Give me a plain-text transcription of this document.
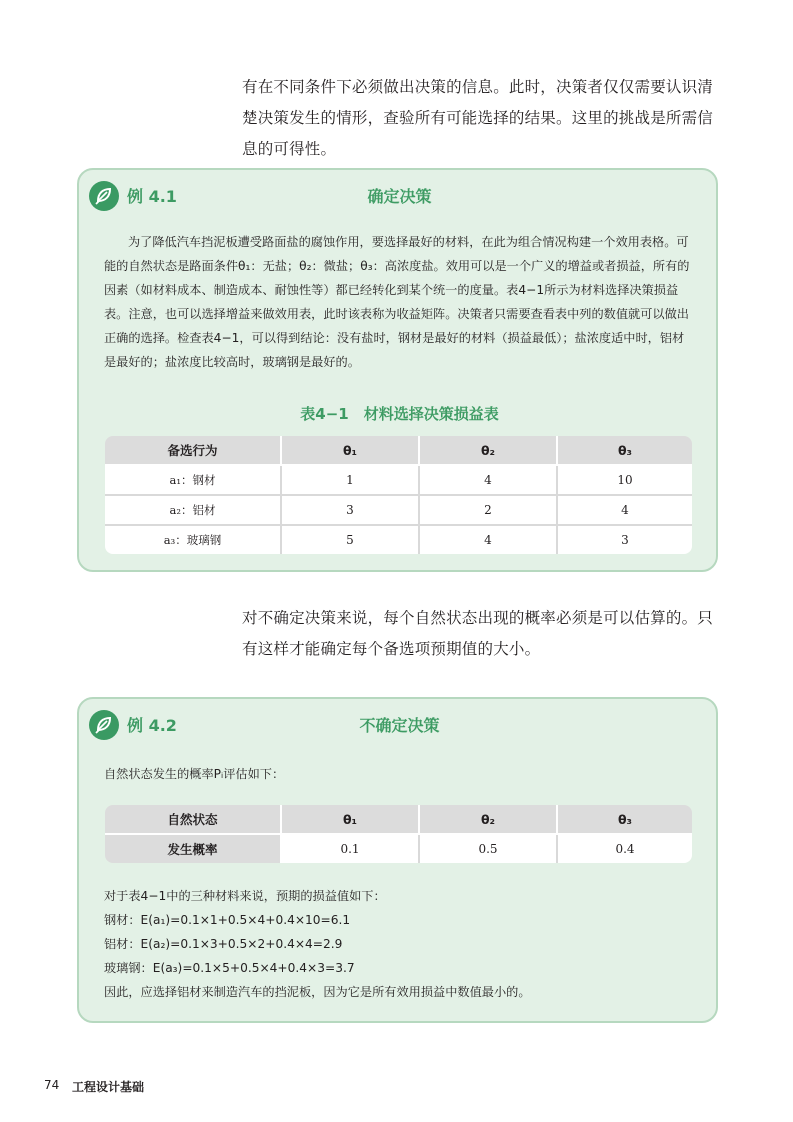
有在不同条件下必须做出决策的信息。此时，决策者仅仅需要认识清楚决策发生的情形，查验所有可能选择的结果。这里的挑战是所需信息的可得性。

例 4.1	确定决策

为了降低汽车挡泥板遭受路面盐的腐蚀作用，要选择最好的材料，在此为组合情况构建一个效用表格。可能的自然状态是路面条件θ₁：无盐；θ₂：微盐；θ₃：高浓度盐。效用可以是一个广义的增益或者损益，所有的因素（如材料成本、制造成本、耐蚀性等）都已经转化到某个统一的度量。表4−1所示为材料选择决策损益表。注意，也可以选择增益来做效用表，此时该表称为收益矩阵。决策者只需要查看表中列的数值就可以做出正确的选择。检查表4−1，可以得到结论：没有盐时，钢材是最好的材料（损益最低）；盐浓度适中时，铝材是最好的；盐浓度比较高时，玻璃钢是最好的。

表4−1　材料选择决策损益表
备选行为	θ₁	θ₂	θ₃
a₁：钢材	1	4	10
a₂：铝材	3	2	4
a₃：玻璃钢	5	4	3

对不确定决策来说，每个自然状态出现的概率必须是可以估算的。只有这样才能确定每个备选项预期值的大小。

例 4.2	不确定决策

自然状态发生的概率Pᵢ评估如下：

自然状态	θ₁	θ₂	θ₃
发生概率	0.1	0.5	0.4
对于表4−1中的三种材料来说，预期的损益值如下：
钢材：E(a₁)=0.1×1+0.5×4+0.4×10=6.1
铝材：E(a₂)=0.1×3+0.5×2+0.4×4=2.9
玻璃钢：E(a₃)=0.1×5+0.5×4+0.4×3=3.7
因此，应选择铝材来制造汽车的挡泥板，因为它是所有效用损益中数值最小的。
74 工程设计基础
